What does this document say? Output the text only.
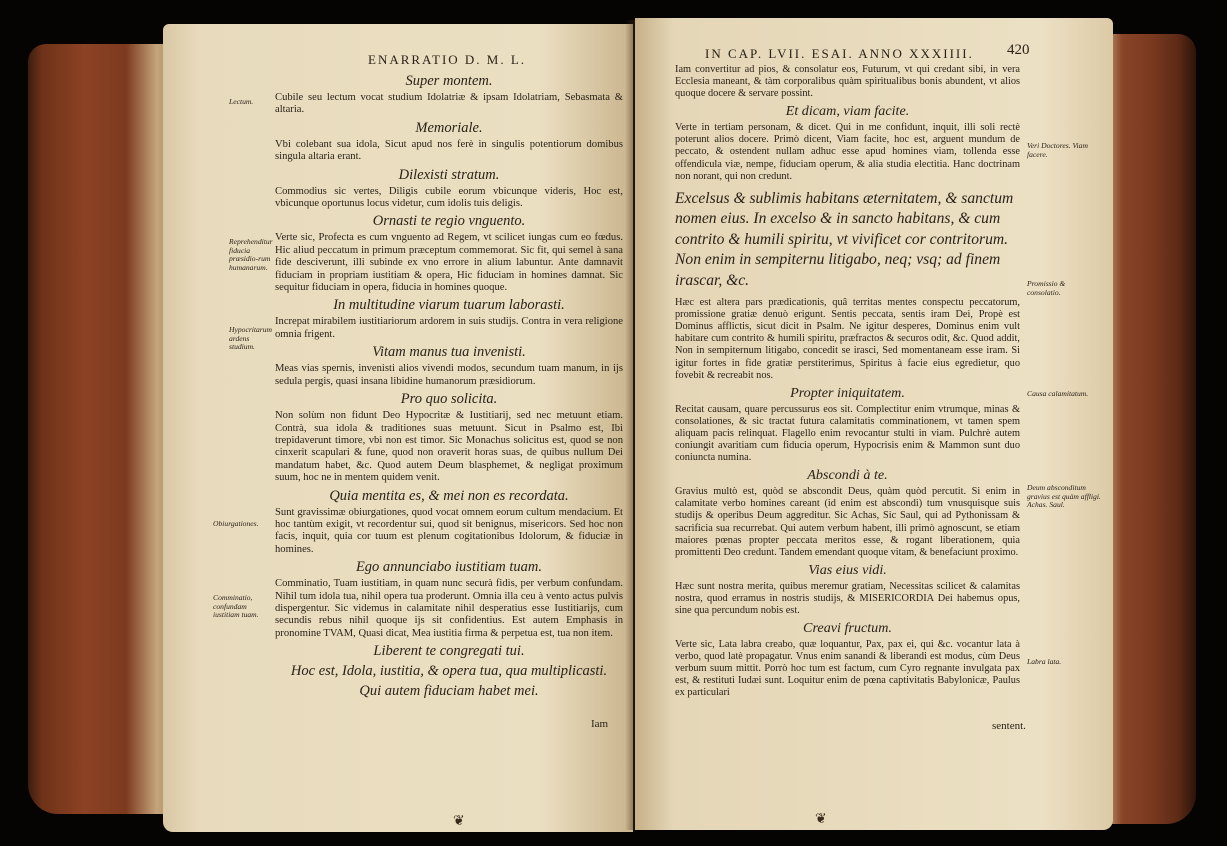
ENARRATIO D. M. L.
Super montem.
Cubile seu lectum vocat studium Idolatriæ & ipsam Idolatriam, Sebasmata & altaria.
Memoriale.
Vbi colebant sua idola, Sicut apud nos ferè in singulis potentiorum domibus singula altaria erant.
Dilexisti stratum.
Commodius sic vertes, Diligis cubile eorum vbicunque videris, Hoc est, vbicunque oportunus locus videtur, cum idolis tuis deligis.
Ornasti te regio vnguento.
Verte sic, Profecta es cum vnguento ad Regem, vt scilicet iungas cum eo fœdus. Hic aliud peccatum in primum præceptum commemorat. Sic fit, qui semel à sana fide desciverunt, illi subinde ex vno errore in alium labuntur. Ante damnavit fiduciam in propriam iustitiam & opera, Hic fiduciam in homines damnat. Sic sequitur fiduciam in opera, fiducia in homines quoque.
In multitudine viarum tuarum laborasti.
Increpat mirabilem iustitiariorum ardorem in suis studijs. Contra in vera religione omnia frigent.
Vitam manus tua invenisti.
Meas vias spernis, invenisti alios vivendi modos, secundum tuam manum, in ijs sedula pergis, quasi insana libidine humanorum præsidiorum.
Pro quo solicita.
Non solùm non fidunt Deo Hypocritæ & Iustitiarij, sed nec metuunt etiam. Contrà, sua idola & traditiones suas metuunt. Sicut in Psalmo est, Ibi trepidaverunt timore, vbi non est timor. Sic Monachus solicitus est, quod se non cinxerit scapulari & fune, quod non oraverit horas suas, de quibus nullum Dei mandatum habet, &c. Quod autem Deum blasphemet, & negligat proximum suum, hoc ne in mentem quidem venit.
Quia mentita es, & mei non es recordata.
Sunt gravissimæ obiurgationes, quod vocat omnem eorum cultum mendacium. Et hoc tantùm exigit, vt recordentur sui, quod sit benignus, misericors. Sed hoc non facis, inquit, quia cor tuum est plenum cogitationibus Idolorum, & fiduciæ in homines.
Ego annunciabo iustitiam tuam.
Comminatio, Tuam iustitiam, in quam nunc securà fidis, per verbum confundam. Nihil tum idola tua, nihil opera tua proderunt. Omnia illa ceu à vento actus pulvis dispergentur. Sic videmus in calamitate nihil desperatius esse Iustitiarijs, cum secundis rebus nihil quoque ijs sit confidentius. Est autem Emphasis in pronomine TVAM, Quasi dicat, Mea iustitia firma & perpetua est, tua non item.
Liberent te congregati tui.
Hoc est, Idola, iustitia, & opera tua, qua multiplicasti.
Qui autem fiduciam habet mei.
Lectum.
Reprehenditur fiducia præsidio-rum humanarum.
Hypocritarum ardens studium.
Obiurgationes.
Comminatio, confundam iustitiam tuam.
Iam
❦
IN CAP. LVII. ESAI. ANNO XXXIIII. 420
Iam convertitur ad pios, & consolatur eos, Futurum, vt qui credant sibi, in vera Ecclesia maneant, & tàm corporalibus quàm spiritualibus bonis abundent, vt alios quoque docere & servare possint.
Et dicam, viam facite.
Verte in tertiam personam, & dicet. Qui in me confidunt, inquit, illi soli rectè poterunt alios docere. Primò dicent, Viam facite, hoc est, arguent mundum de peccato, & ostendent nullam adhuc esse apud homines viam, tollenda esse offendicula viæ, nempe, fiduciam operum, & alia studia electitia. Hanc doctrinam non norant, qui non credunt.
Excelsus & sublimis habitans æternitatem, & sanctum nomen eius. In excelso & in sancto habitans, & cum contrito & humili spiritu, vt vivificet cor contritorum. Non enim in sempiternu litigabo, neq; vsq; ad finem irascar, &c.
Hæc est altera pars prædicationis, quâ territas mentes conspectu peccatorum, promissione gratiæ denuò erigunt. Sentis peccata, sentis iram Dei, Propè est Dominus afflictis, sicut dicit in Psalm. Ne igitur desperes, Dominus enim vult habitare cum contrito & humili spiritu, præfractos & securos odit, &c. Quod addit, Non in sempiternum litigabo, concedit se irasci, Sed momentaneam esse iram. Si igitur fortes in fide gratiæ perstiterimus, Spiritus à facie eius egredietur, quo fovebit & recreabit nos.
Propter iniquitatem.
Recitat causam, quare percussurus eos sit. Complectitur enim vtrumque, minas & consolationes, & sic tractat futura calamitatis comminationem, vt tamen spem aliquam pacis relinquat. Flagello enim revocantur stulti in viam. Pulchrè autem coniungit avaritiam cum fiducia operum, Hypocrisis enim & Mammon sunt duo coniuncta numina.
Abscondi à te.
Gravius multò est, quòd se abscondit Deus, quàm quòd percutit. Si enim in calamitate verbo homines careant (id enim est abscondi) tum vnusquisque suis studijs & operibus Deum aggreditur. Sic Achas, Sic Saul, qui ad Pythonissam & sacrificia sua recurrebat. Qui autem verbum habent, illi primò agnoscunt, se etiam maiores pœnas propter peccata meritos esse, & rogant liberationem, quia promittenti Deo credunt. Tandem emendant quoque vitam, & benefaciunt proximo.
Vias eius vidi.
Hæc sunt nostra merita, quibus meremur gratiam, Necessitas scilicet & calamitas nostra, quod erramus in nostris studijs, & MISERICORDIA Dei habemus opus, sine qua percundum nobis est.
Creavi fructum.
Verte sic, Lata labra creabo, quæ loquantur, Pax, pax ei, qui &c. vocantur lata à verbo, quod latè propagatur. Vnus enim sanandi & liberandi est modus, cùm Deus verbum suum mittit. Porrò hoc tum est factum, cum Cyro regnante invulgata pax est, & restituti Iudæi sunt. Loquitur enim de pœna captivitatis Babylonicæ, Paulus ex particulari
Veri Doctores. Viam facere.
Promissio & consolatio.
Causa calamitatum.
Deum absconditum gravius est quàm affligi. Achas. Saul.
Labra lata.
sentent.
❦
